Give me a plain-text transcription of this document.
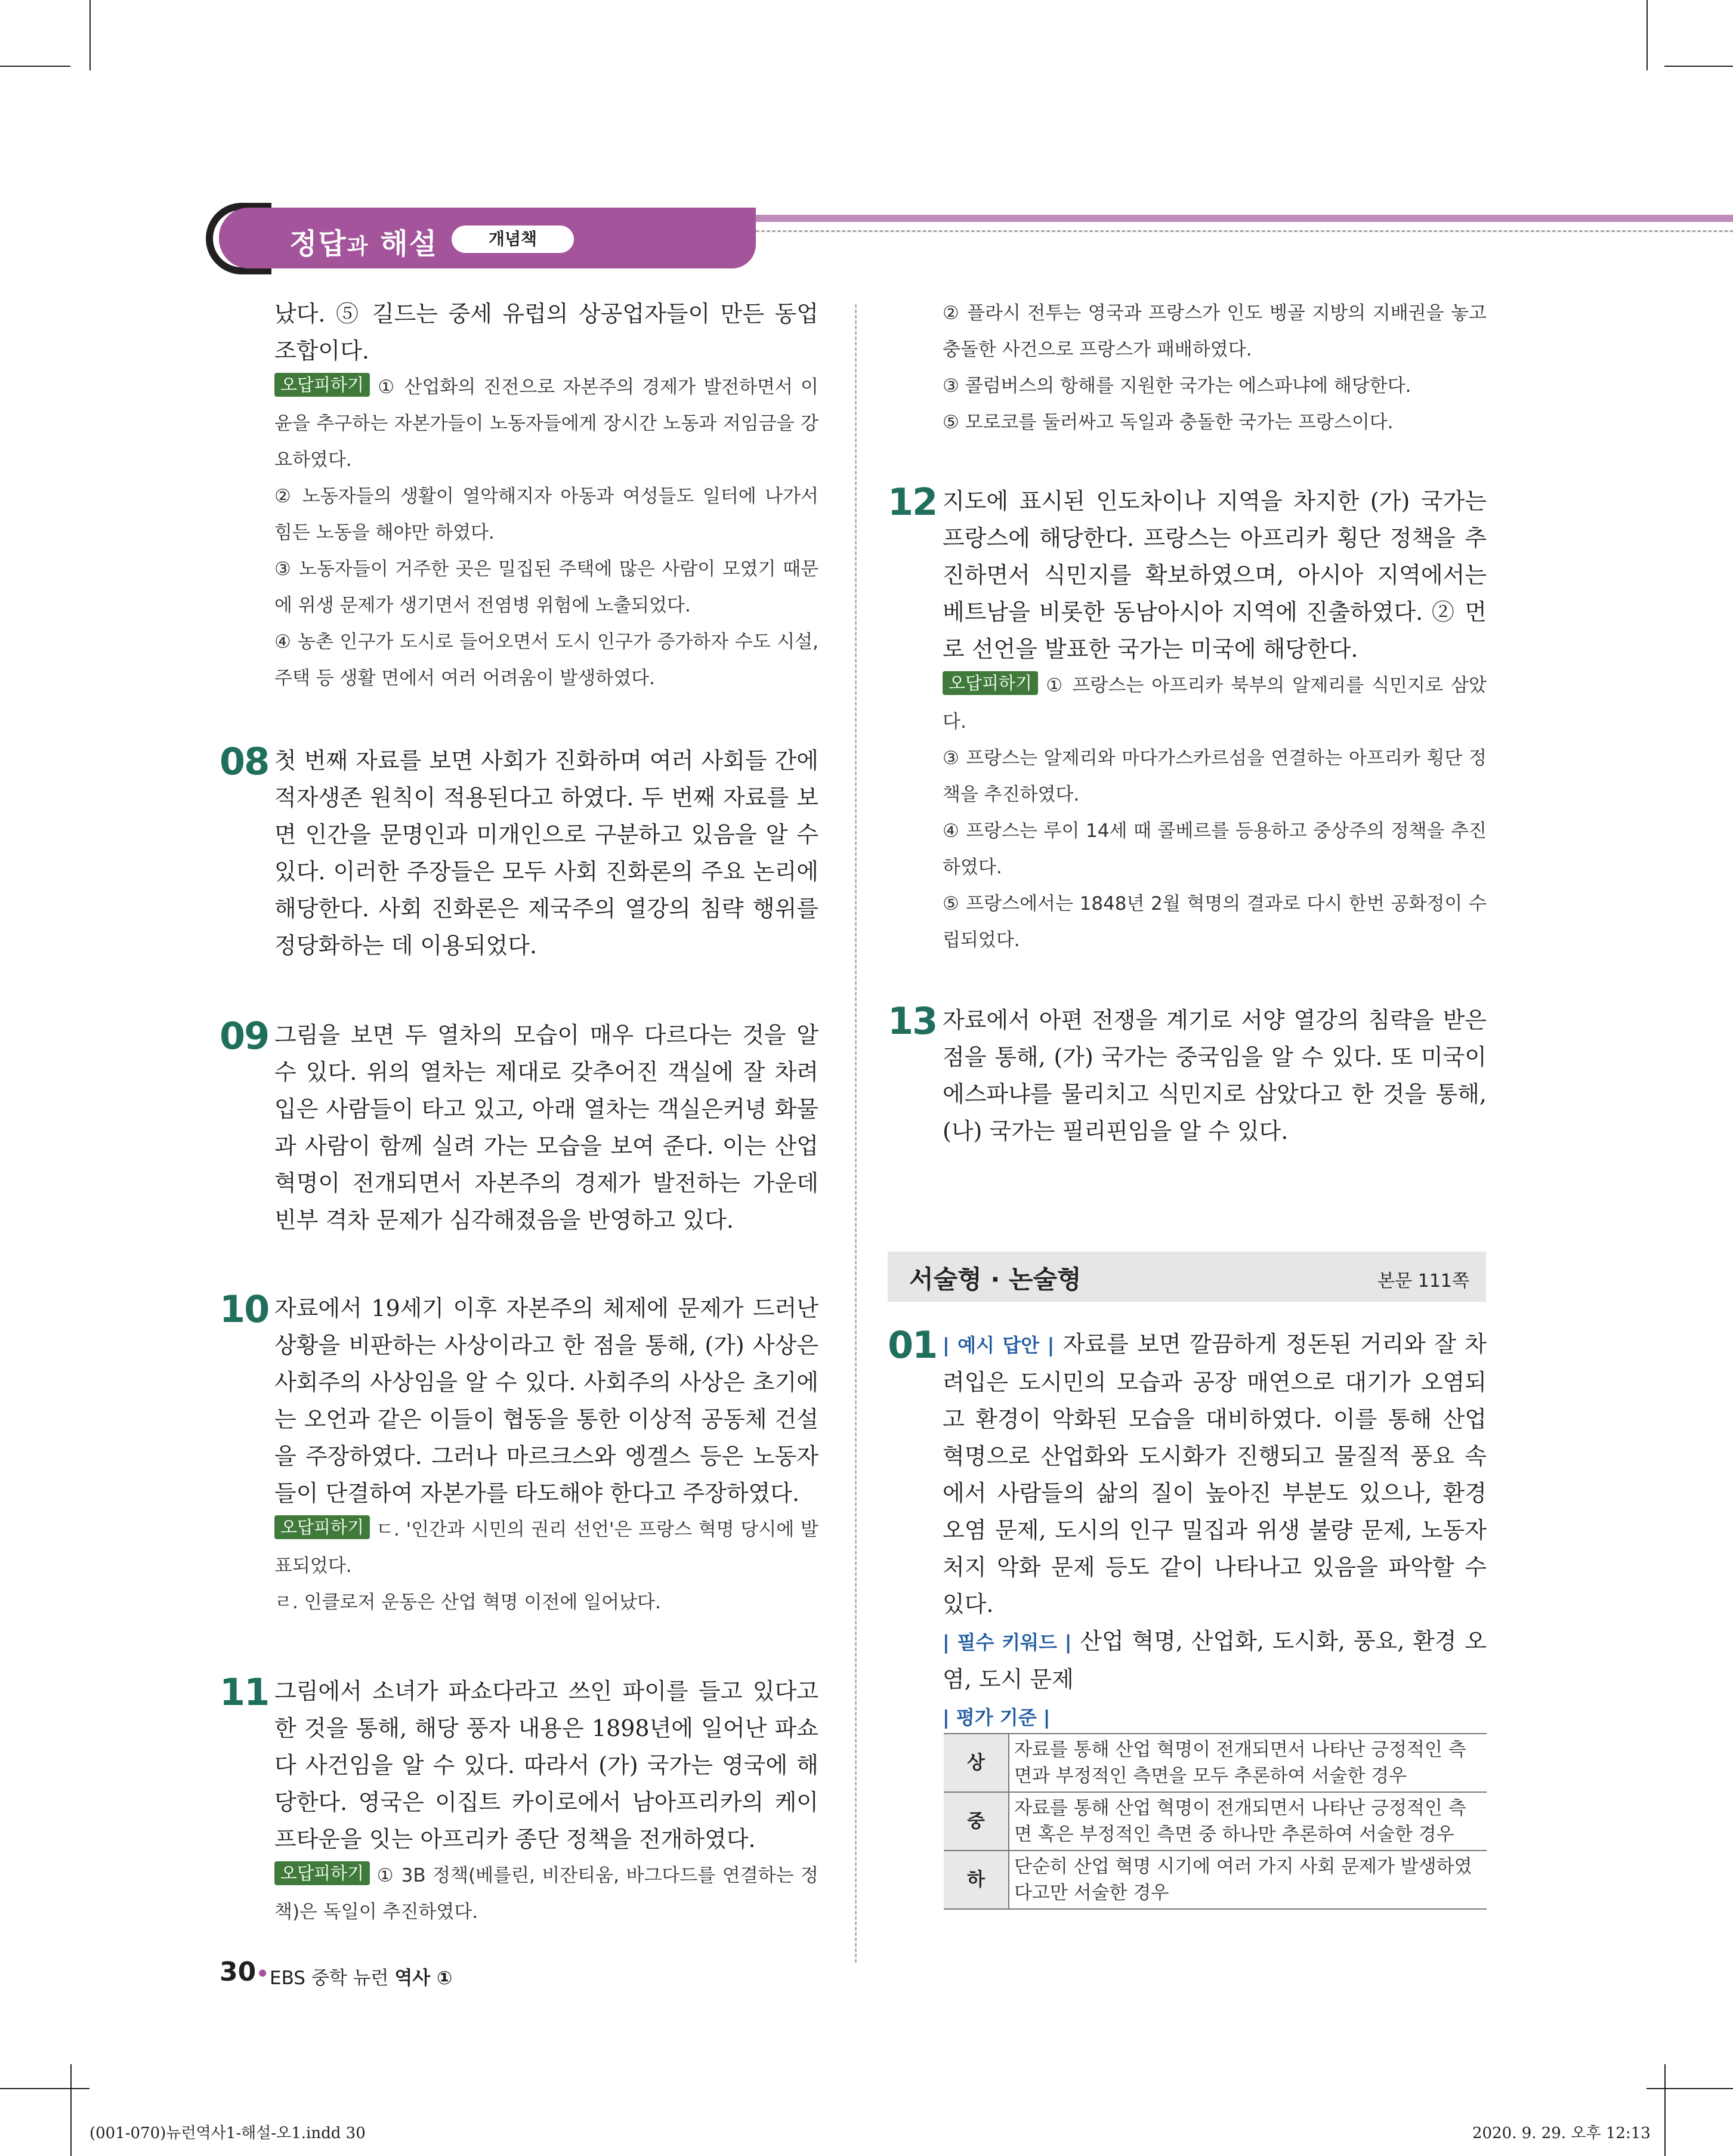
정답과 해설	개념책
났다. ⑤ 길드는 중세 유럽의 상공업자들이 만든 동업 조합이다.
오답피하기 ① 산업화의 진전으로 자본주의 경제가 발전하면서 이윤을 추구하는 자본가들이 노동자들에게 장시간 노동과 저임금을 강요하였다.
② 노동자들의 생활이 열악해지자 아동과 여성들도 일터에 나가서 힘든 노동을 해야만 하였다.
③ 노동자들이 거주한 곳은 밀집된 주택에 많은 사람이 모였기 때문에 위생 문제가 생기면서 전염병 위험에 노출되었다.
④ 농촌 인구가 도시로 들어오면서 도시 인구가 증가하자 수도 시설, 주택 등 생활 면에서 여러 어려움이 발생하였다.
08 첫 번째 자료를 보면 사회가 진화하며 여러 사회들 간에 적자생존 원칙이 적용된다고 하였다. 두 번째 자료를 보면 인간을 문명인과 미개인으로 구분하고 있음을 알 수 있다. 이러한 주장들은 모두 사회 진화론의 주요 논리에 해당한다. 사회 진화론은 제국주의 열강의 침략 행위를 정당화하는 데 이용되었다.
09 그림을 보면 두 열차의 모습이 매우 다르다는 것을 알 수 있다. 위의 열차는 제대로 갖추어진 객실에 잘 차려 입은 사람들이 타고 있고, 아래 열차는 객실은커녕 화물과 사람이 함께 실려 가는 모습을 보여 준다. 이는 산업 혁명이 전개되면서 자본주의 경제가 발전하는 가운데 빈부 격차 문제가 심각해졌음을 반영하고 있다.
10 자료에서 19세기 이후 자본주의 체제에 문제가 드러난 상황을 비판하는 사상이라고 한 점을 통해, (가) 사상은 사회주의 사상임을 알 수 있다. 사회주의 사상은 초기에는 오언과 같은 이들이 협동을 통한 이상적 공동체 건설을 주장하였다. 그러나 마르크스와 엥겔스 등은 노동자들이 단결하여 자본가를 타도해야 한다고 주장하였다.
오답피하기 ㄷ. '인간과 시민의 권리 선언'은 프랑스 혁명 당시에 발표되었다.
ㄹ. 인클로저 운동은 산업 혁명 이전에 일어났다.
11 그림에서 소녀가 파쇼다라고 쓰인 파이를 들고 있다고 한 것을 통해, 해당 풍자 내용은 1898년에 일어난 파쇼다 사건임을 알 수 있다. 따라서 (가) 국가는 영국에 해당한다. 영국은 이집트 카이로에서 남아프리카의 케이프타운을 잇는 아프리카 종단 정책을 전개하였다.
오답피하기 ① 3B 정책(베를린, 비잔티움, 바그다드를 연결하는 정책)은 독일이 추진하였다.
② 플라시 전투는 영국과 프랑스가 인도 벵골 지방의 지배권을 놓고 충돌한 사건으로 프랑스가 패배하였다.
③ 콜럼버스의 항해를 지원한 국가는 에스파냐에 해당한다.
⑤ 모로코를 둘러싸고 독일과 충돌한 국가는 프랑스이다.
12 지도에 표시된 인도차이나 지역을 차지한 (가) 국가는 프랑스에 해당한다. 프랑스는 아프리카 횡단 정책을 추진하면서 식민지를 확보하였으며, 아시아 지역에서는 베트남을 비롯한 동남아시아 지역에 진출하였다. ② 먼로 선언을 발표한 국가는 미국에 해당한다.
오답피하기 ① 프랑스는 아프리카 북부의 알제리를 식민지로 삼았다.
③ 프랑스는 알제리와 마다가스카르섬을 연결하는 아프리카 횡단 정책을 추진하였다.
④ 프랑스는 루이 14세 때 콜베르를 등용하고 중상주의 정책을 추진하였다.
⑤ 프랑스에서는 1848년 2월 혁명의 결과로 다시 한번 공화정이 수립되었다.
13 자료에서 아편 전쟁을 계기로 서양 열강의 침략을 받은 점을 통해, (가) 국가는 중국임을 알 수 있다. 또 미국이 에스파냐를 물리치고 식민지로 삼았다고 한 것을 통해, (나) 국가는 필리핀임을 알 수 있다.
서술형 · 논술형	본문 111쪽
01 | 예시 답안 | 자료를 보면 깔끔하게 정돈된 거리와 잘 차려입은 도시민의 모습과 공장 매연으로 대기가 오염되고 환경이 악화된 모습을 대비하였다. 이를 통해 산업 혁명으로 산업화와 도시화가 진행되고 물질적 풍요 속에서 사람들의 삶의 질이 높아진 부분도 있으나, 환경 오염 문제, 도시의 인구 밀집과 위생 불량 문제, 노동자 처지 악화 문제 등도 같이 나타나고 있음을 파악할 수 있다.
| 필수 키워드 | 산업 혁명, 산업화, 도시화, 풍요, 환경 오염, 도시 문제
| 평가 기준 |
상	자료를 통해 산업 혁명이 전개되면서 나타난 긍정적인 측면과 부정적인 측면을 모두 추론하여 서술한 경우
중	자료를 통해 산업 혁명이 전개되면서 나타난 긍정적인 측면 혹은 부정적인 측면 중 하나만 추론하여 서술한 경우
하	단순히 산업 혁명 시기에 여러 가지 사회 문제가 발생하였다고만 서술한 경우
30• EBS 중학 뉴런 역사 ①
(001-070)뉴런역사1-해설-오1.indd 30	2020. 9. 29. 오후 12:13
